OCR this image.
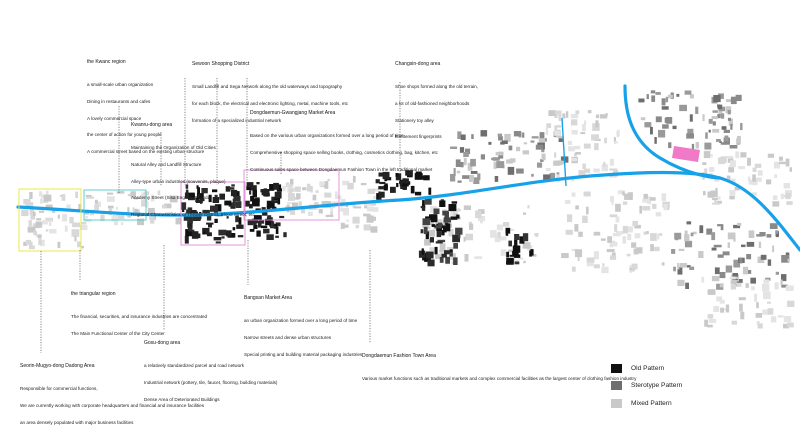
the Kwanc region

a small-scale urban organization

Dining in restaurants and cafes

A lovely commercial space

the center of action for young people

A commercial street based on the existing urban structure

Sewoon Shopping District

Small Landfill and Sega Network along the old waterways and topography

for each block, the electrical and electronic lighting, metal, machine tools, etc

formation of a specialized industrial network

Changsin-dong area

Shoe shops formed along the old terrain,

a lot of old-fashioned neighborhoods

Stationery toy alley

Excitement fingerprints

Kwanru-dong area

Maintaining the Organization of Old Cities

Natural Alley and Landfill Structure

Alley-type urban industries (souvenirs, plaque)

Academy Street (Sisa English, Pagoda)

Regional Characteristics of Theater District, Blood Street, etc

Dongdaemun-Gwangjang Market Area

Based on the various urban organizations formed over a long period of time

Comprehensive shopping space selling books, clothing, cosmetics clothing, bag, kitchen, etc

Continuous sales space between Dongdaemun Fashion Town in the left traditional market

the triangular region

The financial, securities, and insurance industries are concentrated

The Main Functional Center of the City Center

Bangsan Market Area

an urban organization formed over a long period of time

Narrow streets and dense urban structures

Special printing and building material packaging industries

Gosu-dong area

a relatively standardized parcel and road network

Industrial network (pottery, tile, faucet, flooring, building materials)

Dense Area of Deteriorated Buildings

Seorin-Mugyo-dong Dadong Area

Responsible for commercial functions,

We are currently working with corporate headquarters and financial and insurance facilities

an area densely populated with major business facilities

Dongdaemun Fashion Town Area

Various market functions such as traditional markets and complex commercial facilities as the largest center of clothing fashion industry

Old Pattern
Sterotype Pattern
Mixed Pattern
